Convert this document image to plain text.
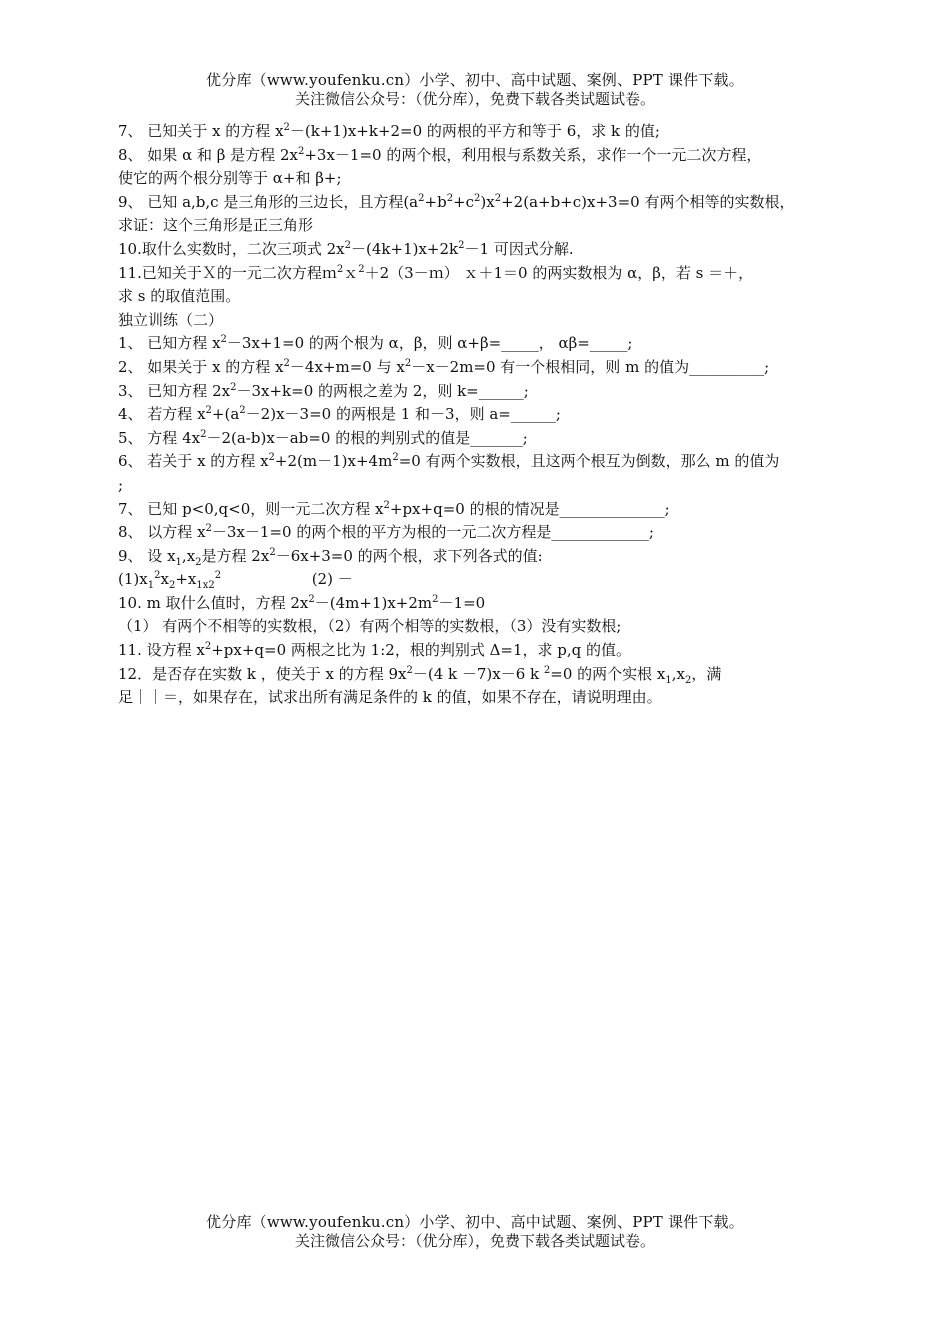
优分库（www.youfenku.cn）小学、初中、高中试题、案例、PPT 课件下载。
关注微信公众号：（优分库），免费下载各类试题试卷。
7、 已知关于 x 的方程 $x^2-(k+1)x+k+2=0$ 的两根的平方和等于 6，求 k 的值;
8、 如果 α 和 β 是方程 $2x^2+3x-1=0$ 的两个根，利用根与系数关系，求作一个一元二次方程，
使它的两个根分别等于 α+和 β+;
9、 已知 a,b,c 是三角形的三边长，且方程$(a^2+b^2+c^2)x^2+2(a+b+c)x+3=0$ 有两个相等的实数根，
求证：这个三角形是正三角形
10.取什么实数时，二次三项式 $2x^2-(4k+1)x+2k^2-1$ 可因式分解.
11.已知关于Ｘ的一元二次方程ｍ$^2$ｘ$^2$＋2（3－ｍ） ｘ＋1＝0 的两实数根为 α，β，若 s ＝＋，
求 s 的取值范围。
独立训练（二）
1、 已知方程 $x^2-3x+1=0$ 的两个根为 α，β，则 α+β=_____， αβ=_____;
2、 如果关于 x 的方程 $x^2-4x+m=0$ 与 $x^2-x-2m=0$ 有一个根相同，则 m 的值为__________;
3、 已知方程 $2x^2-3x+k=0$ 的两根之差为 2，则 k=______;
4、 若方程 $x^2+(a^2-2)x-3=0$ 的两根是 1 和－3，则 a=______;
5、 方程 $4x^2-2(a-b)x-ab=0$ 的根的判别式的值是_______;
6、 若关于 x 的方程 $x^2+2(m-1)x+4m^2=0$ 有两个实数根，且这两个根互为倒数，那么 m 的值为
;
7、 已知 p<0,q<0，则一元二次方程 $x^2+px+q=0$ 的根的情况是______________;
8、 以方程 $x^2-3x-1=0$ 的两个根的平方为根的一元二次方程是_____________;
9、 设 $x_1,x_2$是方程 $2x^2-6x+3=0$ 的两个根，求下列各式的值:
$(1)x_1^2x_2+x_{1x2}^2$                   (2) －
10. m 取什么值时，方程 $2x^2-(4m+1)x+2m^2-1=0$
（1） 有两个不相等的实数根，（2）有两个相等的实数根，（3）没有实数根;
11. 设方程 $x^2+px+q=0$ 两根之比为 1:2，根的判别式 Δ=1，求 p,q 的值。
12．是否存在实数 k ，使关于 x 的方程 $9x^2-(4$ k －7)x－6 k $^2$=0 的两个实根 $x_1,x_2$，满
足｜｜＝，如果存在，试求出所有满足条件的 k 的值，如果不存在，请说明理由。
优分库（www.youfenku.cn）小学、初中、高中试题、案例、PPT 课件下载。
关注微信公众号：（优分库），免费下载各类试题试卷。
